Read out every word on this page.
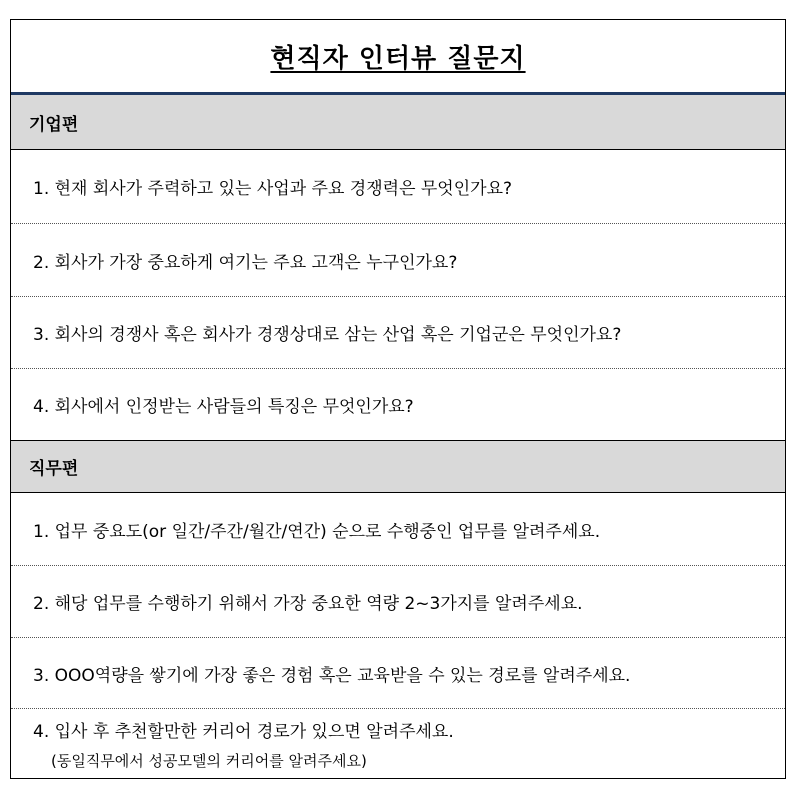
현직자 인터뷰 질문지
기업편
1. 현재 회사가 주력하고 있는 사업과 주요 경쟁력은 무엇인가요?
2. 회사가 가장 중요하게 여기는 주요 고객은 누구인가요?
3. 회사의 경쟁사 혹은 회사가 경쟁상대로 삼는 산업 혹은 기업군은 무엇인가요?
4. 회사에서 인정받는 사람들의 특징은 무엇인가요?
직무편
1. 업무 중요도(or 일간/주간/월간/연간) 순으로 수행중인 업무를 알려주세요.
2. 해당 업무를 수행하기 위해서 가장 중요한 역량 2~3가지를 알려주세요.
3. OOO역량을 쌓기에 가장 좋은 경험 혹은 교육받을 수 있는 경로를 알려주세요.
4. 입사 후 추천할만한 커리어 경로가 있으면 알려주세요.
(동일직무에서 성공모델의 커리어를 알려주세요)
